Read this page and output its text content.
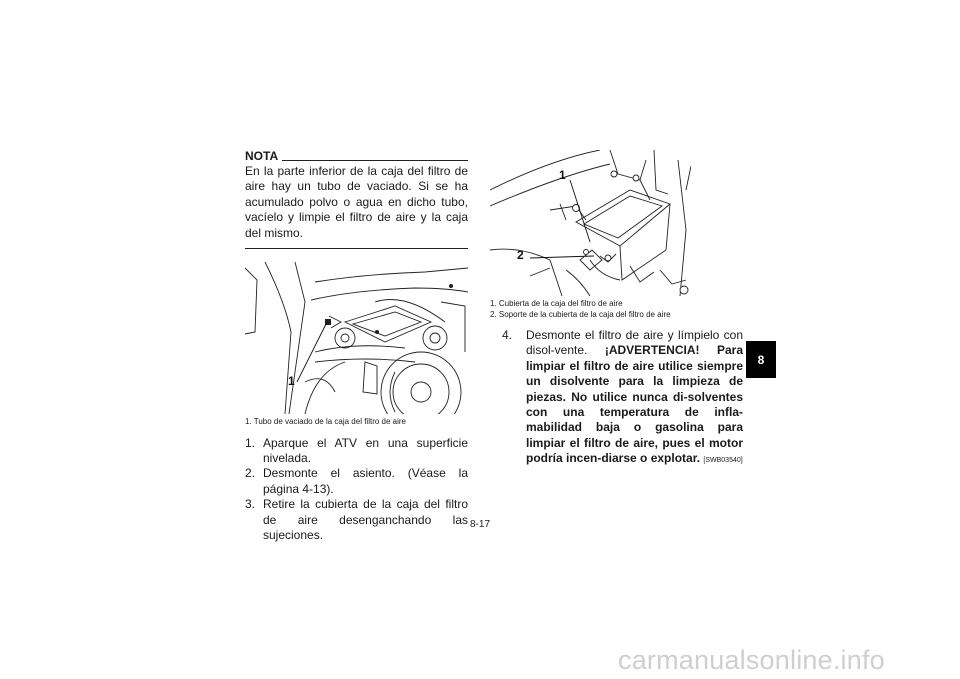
NOTA
En la parte inferior de la caja del filtro de aire hay un tubo de vaciado. Si se ha acumulado polvo o agua en dicho tubo, vacíelo y limpie el filtro de aire y la caja del mismo.
1
1. Tubo de vaciado de la caja del filtro de aire
1. Aparque el ATV en una superficie nivelada.
2. Desmonte el asiento. (Véase la página 4-13).
3. Retire la cubierta de la caja del filtro de aire desenganchando las sujeciones.
1
2
1. Cubierta de la caja del filtro de aire
2. Soporte de la cubierta de la caja del filtro de aire
4.	Desmonte el filtro de aire y límpielo con disol-vente. ¡ADVERTENCIA! Para limpiar el filtro de aire utilice siempre un disolvente para la limpieza de piezas. No utilice nunca di-solventes con una temperatura de infla-mabilidad baja o gasolina para limpiar el filtro de aire, pues el motor podría incen-diarse o explotar. [SWB03540]
8-17
8
carmanualsonline.info
